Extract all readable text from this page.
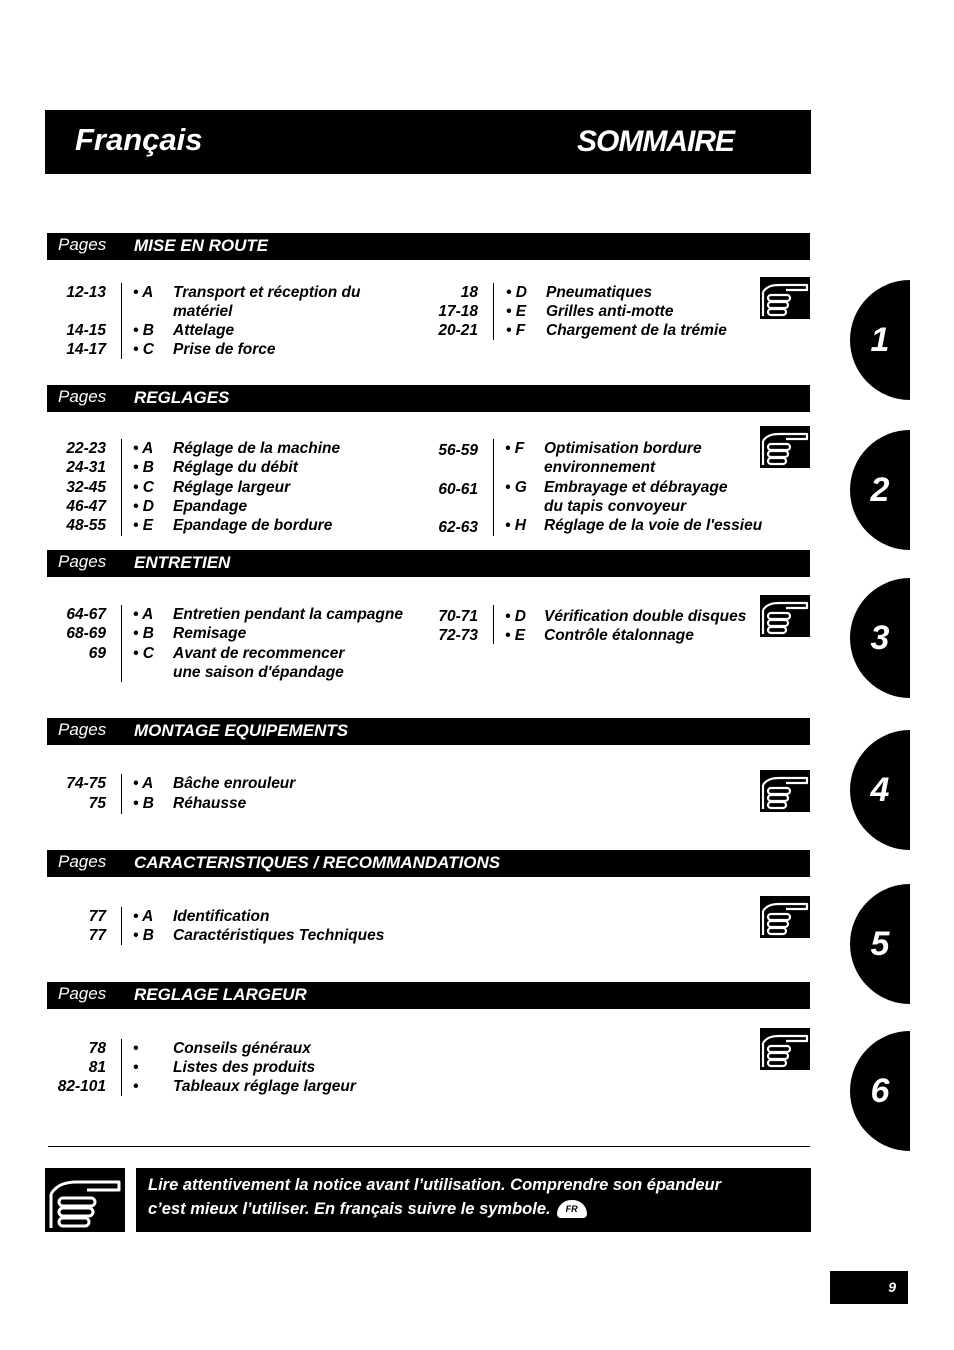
Français	SOMMAIRE
Pages MISE EN ROUTE
12-13 • A Transport et réception du
matériel
14-15 • B Attelage
14-17 • C Prise de force
18 • D Pneumatiques
17-18 • E Grilles anti-motte
20-21 • F Chargement de la trémie
Pages REGLAGES
22-23 • A Réglage de la machine
24-31 • B Réglage du débit
32-45 • C Réglage largeur
46-47 • D Epandage
48-55 • E Epandage de bordure
56-59 • F Optimisation bordure
environnement
60-61 • G Embrayage et débrayage
du tapis convoyeur
62-63 • H Réglage de la voie de l'essieu
Pages ENTRETIEN
64-67 • A Entretien pendant la campagne
68-69 • B Remisage
69 • C Avant de recommencer
une saison d'épandage
70-71 • D Vérification double disques
72-73 • E Contrôle étalonnage
Pages MONTAGE EQUIPEMENTS
74-75 • A Bâche enrouleur
75 • B Réhausse
Pages CARACTERISTIQUES / RECOMMANDATIONS
77 • A Identification
77 • B Caractéristiques Techniques
Pages REGLAGE LARGEUR
78 • Conseils généraux
81 • Listes des produits
82-101 • Tableaux réglage largeur
1
2
3
4
5
6
Lire attentivement la notice avant l’utilisation. Comprendre son épandeur
c’est mieux l’utiliser. En français suivre le symbole. FR
9
